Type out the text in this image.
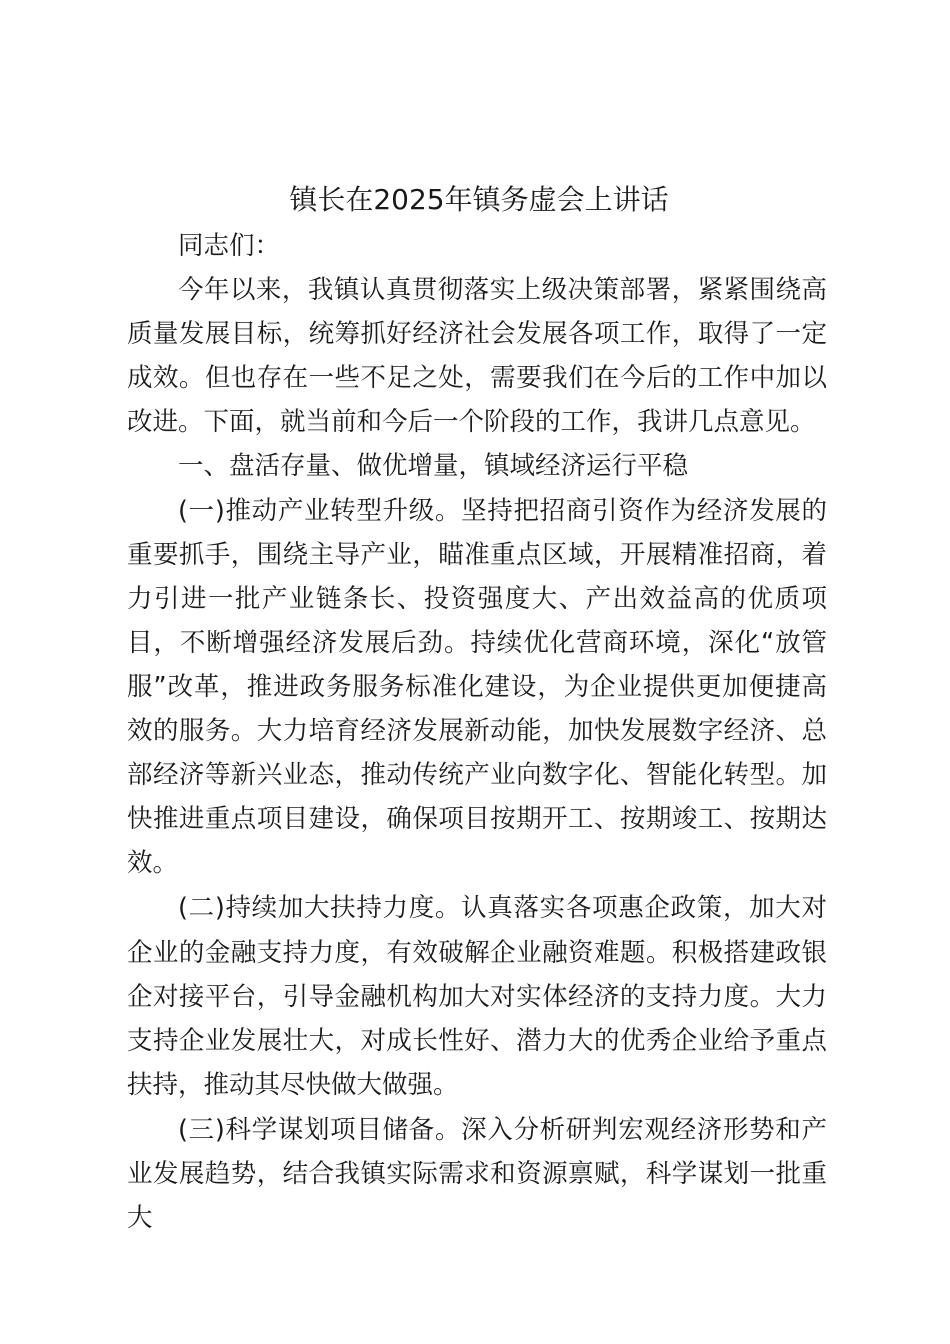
镇长在2025年镇务虚会上讲话

同志们：

今年以来，我镇认真贯彻落实上级决策部署，紧紧围绕高质量发展目标，统筹抓好经济社会发展各项工作，取得了一定成效。但也存在一些不足之处，需要我们在今后的工作中加以改进。下面，就当前和今后一个阶段的工作，我讲几点意见。

一、盘活存量、做优增量，镇域经济运行平稳

(一)推动产业转型升级。坚持把招商引资作为经济发展的重要抓手，围绕主导产业，瞄准重点区域，开展精准招商，着力引进一批产业链条长、投资强度大、产出效益高的优质项目，不断增强经济发展后劲。持续优化营商环境，深化“放管服”改革，推进政务服务标准化建设，为企业提供更加便捷高效的服务。大力培育经济发展新动能，加快发展数字经济、总部经济等新兴业态，推动传统产业向数字化、智能化转型。加快推进重点项目建设，确保项目按期开工、按期竣工、按期达效。

(二)持续加大扶持力度。认真落实各项惠企政策，加大对企业的金融支持力度，有效破解企业融资难题。积极搭建政银企对接平台，引导金融机构加大对实体经济的支持力度。大力支持企业发展壮大，对成长性好、潜力大的优秀企业给予重点扶持，推动其尽快做大做强。

(三)科学谋划项目储备。深入分析研判宏观经济形势和产业发展趋势，结合我镇实际需求和资源禀赋，科学谋划一批重大
